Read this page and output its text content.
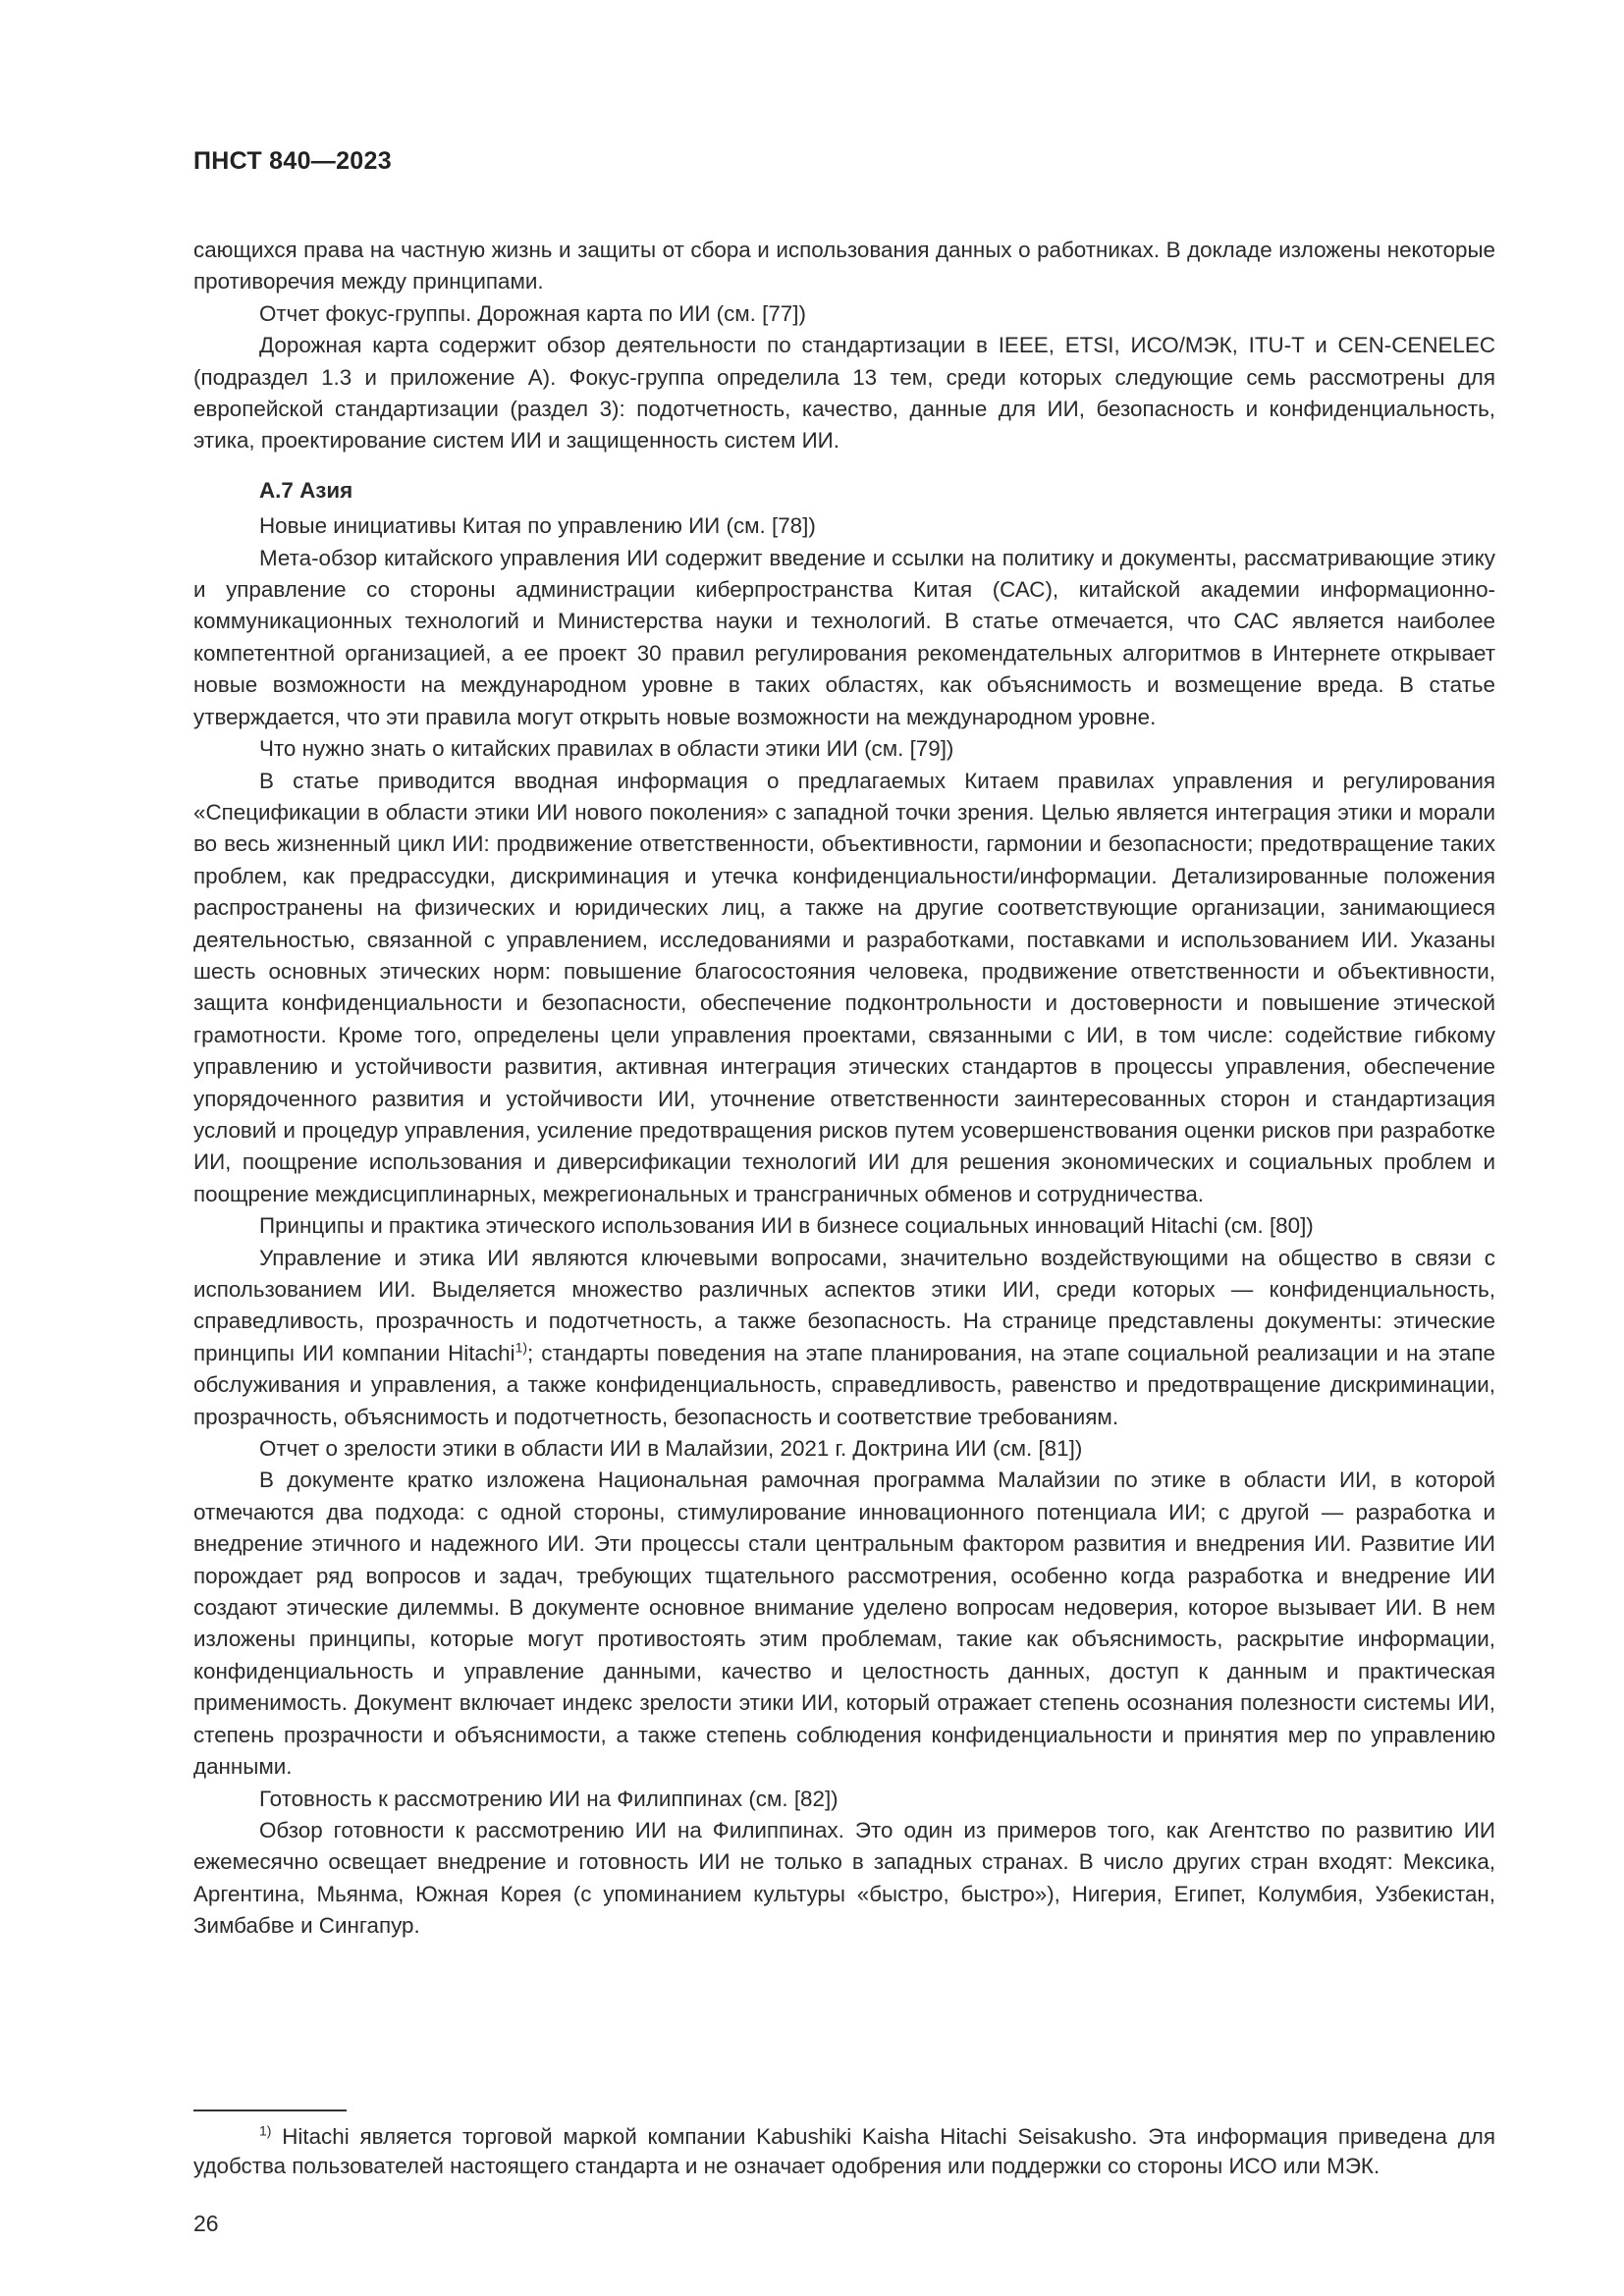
ПНСТ 840—2023

сающихся права на частную жизнь и защиты от сбора и использования данных о работниках. В докладе изложены некоторые противоречия между принципами.

Отчет фокус-группы. Дорожная карта по ИИ (см. [77])

Дорожная карта содержит обзор деятельности по стандартизации в IEEE, ETSI, ИСО/МЭК, ITU-T и CEN-CENELEC (подраздел 1.3 и приложение А). Фокус-группа определила 13 тем, среди которых следующие семь рассмотрены для европейской стандартизации (раздел 3): подотчетность, качество, данные для ИИ, безопасность и конфиденциальность, этика, проектирование систем ИИ и защищенность систем ИИ.

А.7 Азия

Новые инициативы Китая по управлению ИИ (см. [78])

Мета-обзор китайского управления ИИ содержит введение и ссылки на политику и документы, рассматривающие этику и управление со стороны администрации киберпространства Китая (САС), китайской академии информационно-коммуникационных технологий и Министерства науки и технологий. В статье отмечается, что САС является наиболее компетентной организацией, а ее проект 30 правил регулирования рекомендательных алгоритмов в Интернете открывает новые возможности на международном уровне в таких областях, как объяснимость и возмещение вреда. В статье утверждается, что эти правила могут открыть новые возможности на международном уровне.

Что нужно знать о китайских правилах в области этики ИИ (см. [79])

В статье приводится вводная информация о предлагаемых Китаем правилах управления и регулирования «Спецификации в области этики ИИ нового поколения» с западной точки зрения. Целью является интеграция этики и морали во весь жизненный цикл ИИ: продвижение ответственности, объективности, гармонии и безопасности; предотвращение таких проблем, как предрассудки, дискриминация и утечка конфиденциальности/информации. Детализированные положения распространены на физических и юридических лиц, а также на другие соответствующие организации, занимающиеся деятельностью, связанной с управлением, исследованиями и разработками, поставками и использованием ИИ. Указаны шесть основных этических норм: повышение благосостояния человека, продвижение ответственности и объективности, защита конфиденциальности и безопасности, обеспечение подконтрольности и достоверности и повышение этической грамотности. Кроме того, определены цели управления проектами, связанными с ИИ, в том числе: содействие гибкому управлению и устойчивости развития, активная интеграция этических стандартов в процессы управления, обеспечение упорядоченного развития и устойчивости ИИ, уточнение ответственности заинтересованных сторон и стандартизация условий и процедур управления, усиление предотвращения рисков путем усовершенствования оценки рисков при разработке ИИ, поощрение использования и диверсификации технологий ИИ для решения экономических и социальных проблем и поощрение междисциплинарных, межрегиональных и трансграничных обменов и сотрудничества.

Принципы и практика этического использования ИИ в бизнесе социальных инноваций Hitachi (см. [80])

Управление и этика ИИ являются ключевыми вопросами, значительно воздействующими на общество в связи с использованием ИИ. Выделяется множество различных аспектов этики ИИ, среди которых — конфиденциальность, справедливость, прозрачность и подотчетность, а также безопасность. На странице представлены документы: этические принципы ИИ компании Hitachi$^{1)}$; стандарты поведения на этапе планирования, на этапе социальной реализации и на этапе обслуживания и управления, а также конфиденциальность, справедливость, равенство и предотвращение дискриминации, прозрачность, объяснимость и подотчетность, безопасность и соответствие требованиям.

Отчет о зрелости этики в области ИИ в Малайзии, 2021 г. Доктрина ИИ (см. [81])

В документе кратко изложена Национальная рамочная программа Малайзии по этике в области ИИ, в которой отмечаются два подхода: с одной стороны, стимулирование инновационного потенциала ИИ; с другой — разработка и внедрение этичного и надежного ИИ. Эти процессы стали центральным фактором развития и внедрения ИИ. Развитие ИИ порождает ряд вопросов и задач, требующих тщательного рассмотрения, особенно когда разработка и внедрение ИИ создают этические дилеммы. В документе основное внимание уделено вопросам недоверия, которое вызывает ИИ. В нем изложены принципы, которые могут противостоять этим проблемам, такие как объяснимость, раскрытие информации, конфиденциальность и управление данными, качество и целостность данных, доступ к данным и практическая применимость. Документ включает индекс зрелости этики ИИ, который отражает степень осознания полезности системы ИИ, степень прозрачности и объяснимости, а также степень соблюдения конфиденциальности и принятия мер по управлению данными.

Готовность к рассмотрению ИИ на Филиппинах (см. [82])

Обзор готовности к рассмотрению ИИ на Филиппинах. Это один из примеров того, как Агентство по развитию ИИ ежемесячно освещает внедрение и готовность ИИ не только в западных странах. В число других стран входят: Мексика, Аргентина, Мьянма, Южная Корея (с упоминанием культуры «быстро, быстро»), Нигерия, Египет, Колумбия, Узбекистан, Зимбабве и Сингапур.

$^{1)}$ Hitachi является торговой маркой компании Kabushiki Kaisha Hitachi Seisakusho. Эта информация приведена для удобства пользователей настоящего стандарта и не означает одобрения или поддержки со стороны ИСО или МЭК.

26
